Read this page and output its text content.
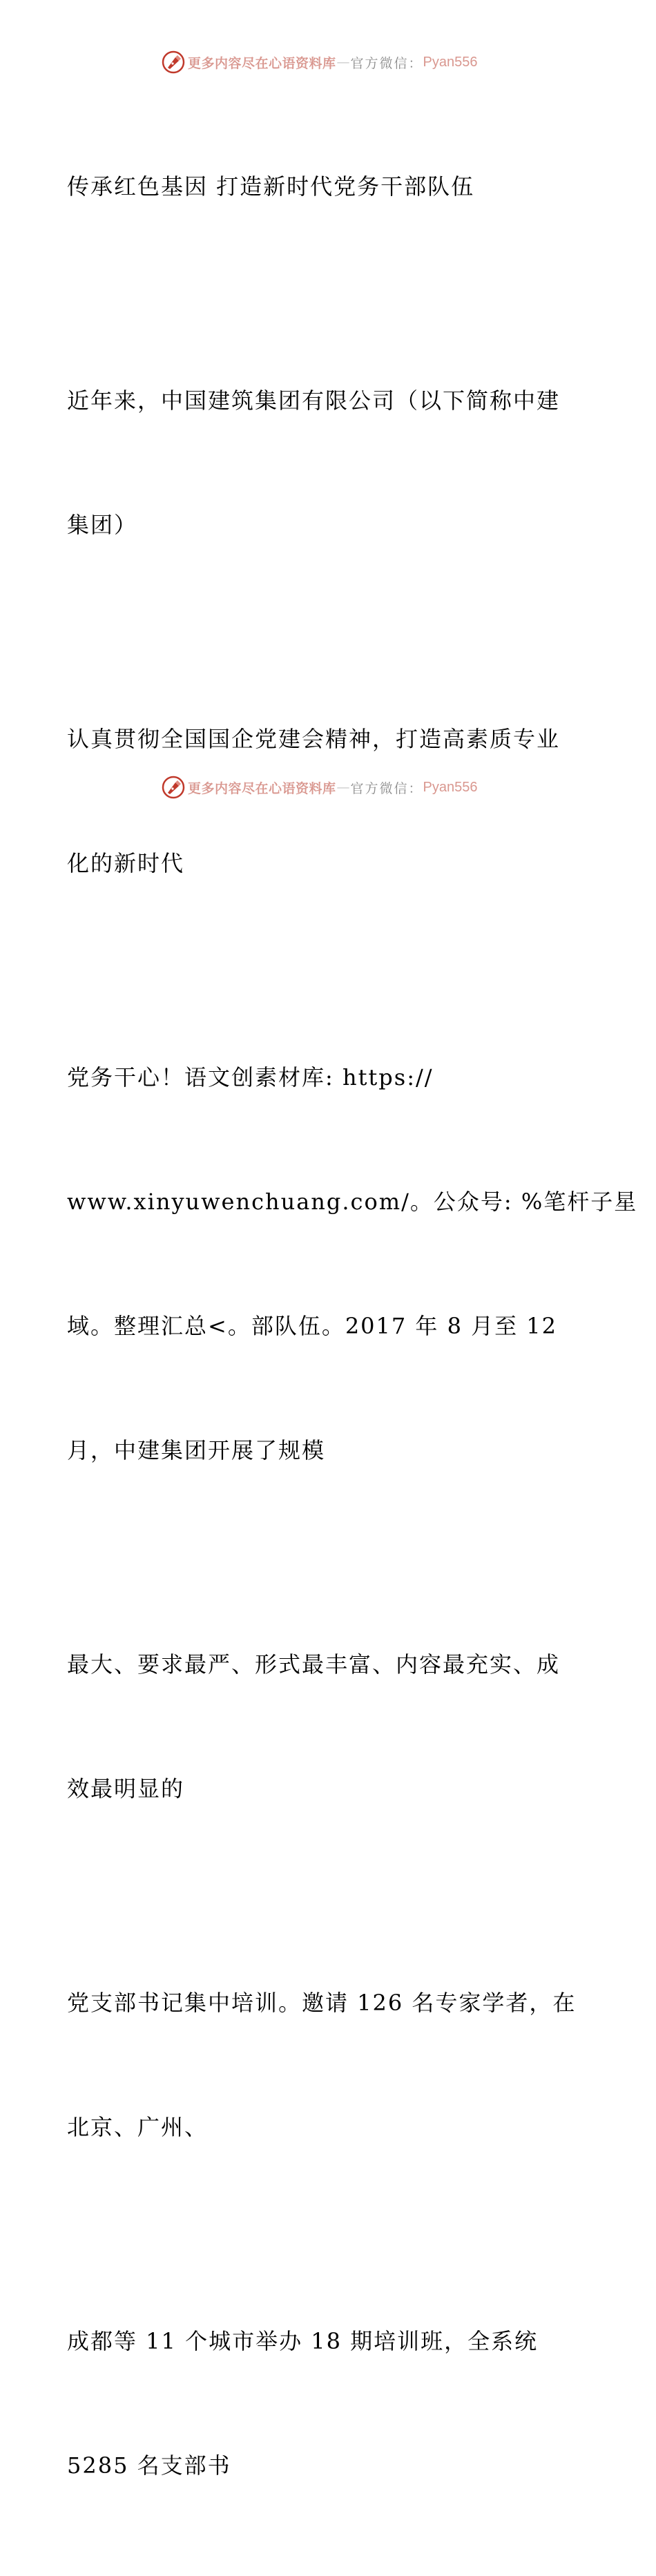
更多内容尽在心语资料库 — 官方微信： Pyan556

传承红色基因 打造新时代党务干部队伍

近年来，中国建筑集团有限公司（以下简称中建

集团）

认真贯彻全国国企党建会精神，打造高素质专业

化的新时代

党务干心！语文创素材库: https://

www.xinyuwenchuang.com/。公众号: %笔杆子星

域。整理汇总<。部队伍。2017 年 8 月至 12

月，中建集团开展了规模

最大、要求最严、形式最丰富、内容最充实、成

效最明显的

党支部书记集中培训。邀请 126 名专家学者，在

北京、广州、

成都等 11 个城市举办 18 期培训班，全系统

5285 名支部书

更多内容尽在心语资料库 — 官方微信： Pyan556
